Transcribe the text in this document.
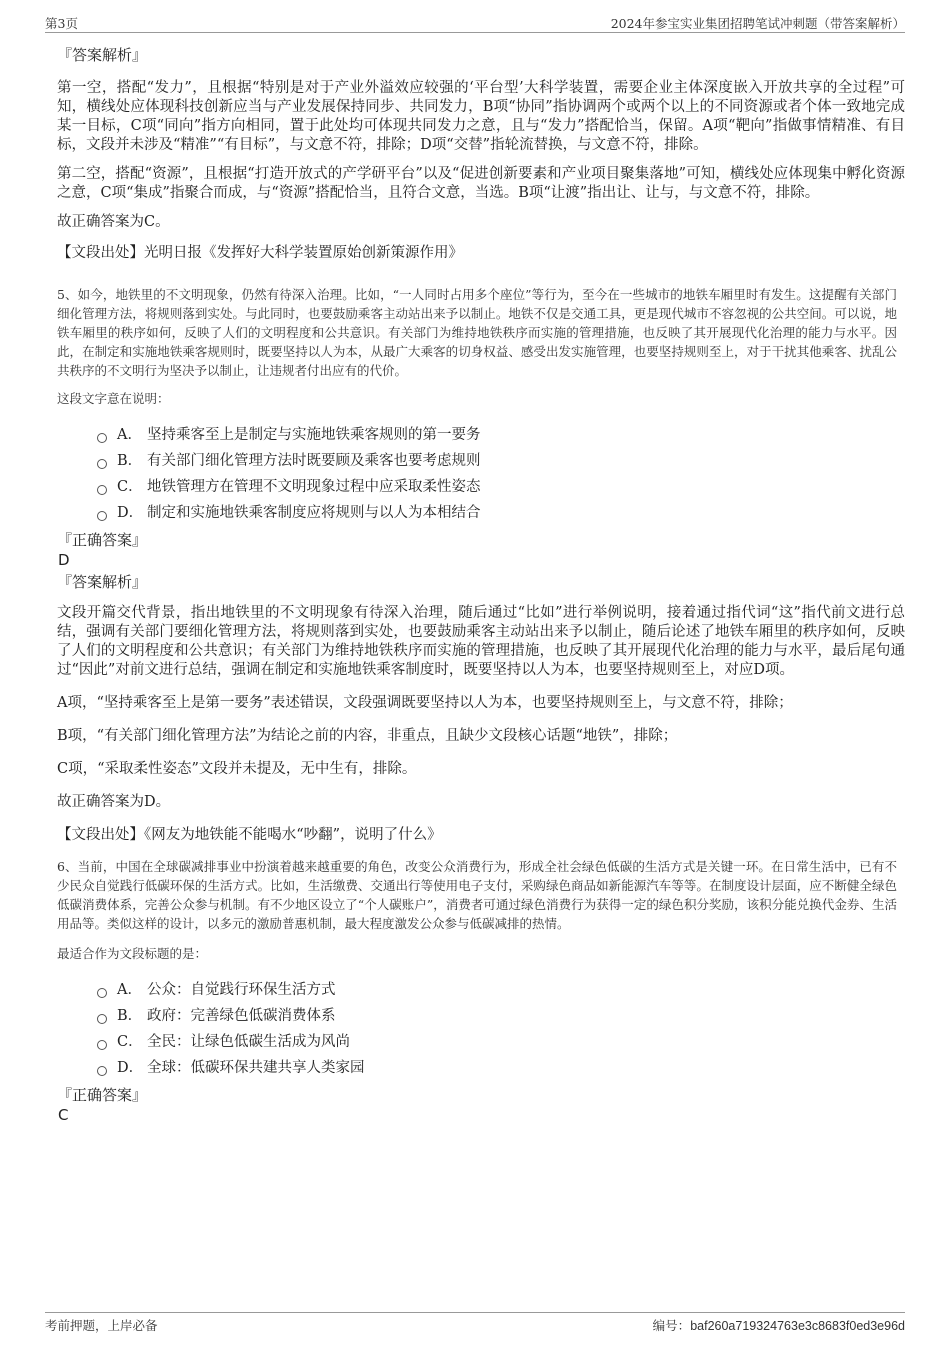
第3页	2024年参宝实业集团招聘笔试冲刺题（带答案解析）
『答案解析』

第一空，搭配“发力”，且根据“特别是对于产业外溢效应较强的‘平台型’大科学装置，需要企业主体深度嵌入开放共享的全过程”可知，横线处应体现科技创新应当与产业发展保持同步、共同发力，B项“协同”指协调两个或两个以上的不同资源或者个体一致地完成某一目标，C项“同向”指方向相同，置于此处均可体现共同发力之意，且与“发力”搭配恰当，保留。A项“靶向”指做事情精准、有目标，文段并未涉及“精准”“有目标”，与文意不符，排除；D项“交替”指轮流替换，与文意不符，排除。

第二空，搭配“资源”，且根据“打造开放式的产学研平台”以及“促进创新要素和产业项目聚集落地”可知，横线处应体现集中孵化资源之意，C项“集成”指聚合而成，与“资源”搭配恰当，且符合文意，当选。B项“让渡”指出让、让与，与文意不符，排除。

故正确答案为C。

【文段出处】光明日报《发挥好大科学装置原始创新策源作用》

5、如今，地铁里的不文明现象，仍然有待深入治理。比如，“一人同时占用多个座位”等行为，至今在一些城市的地铁车厢里时有发生。这提醒有关部门细化管理方法，将规则落到实处。与此同时，也要鼓励乘客主动站出来予以制止。地铁不仅是交通工具，更是现代城市不容忽视的公共空间。可以说，地铁车厢里的秩序如何，反映了人们的文明程度和公共意识。有关部门为维持地铁秩序而实施的管理措施，也反映了其开展现代化治理的能力与水平。因此，在制定和实施地铁乘客规则时，既要坚持以人为本，从最广大乘客的切身权益、感受出发实施管理，也要坚持规则至上，对于干扰其他乘客、扰乱公共秩序的不文明行为坚决予以制止，让违规者付出应有的代价。

这段文字意在说明：

A． 坚持乘客至上是制定与实施地铁乘客规则的第一要务
B． 有关部门细化管理方法时既要顾及乘客也要考虑规则
C． 地铁管理方在管理不文明现象过程中应采取柔性姿态
D． 制定和实施地铁乘客制度应将规则与以人为本相结合
『正确答案』
D
『答案解析』

文段开篇交代背景，指出地铁里的不文明现象有待深入治理，随后通过“比如”进行举例说明，接着通过指代词“这”指代前文进行总结，强调有关部门要细化管理方法，将规则落到实处，也要鼓励乘客主动站出来予以制止，随后论述了地铁车厢里的秩序如何，反映了人们的文明程度和公共意识；有关部门为维持地铁秩序而实施的管理措施，也反映了其开展现代化治理的能力与水平，最后尾句通过“因此”对前文进行总结，强调在制定和实施地铁乘客制度时，既要坚持以人为本，也要坚持规则至上，对应D项。

A项，“坚持乘客至上是第一要务”表述错误，文段强调既要坚持以人为本，也要坚持规则至上，与文意不符，排除；

B项，“有关部门细化管理方法”为结论之前的内容，非重点，且缺少文段核心话题“地铁”，排除；

C项，“采取柔性姿态”文段并未提及，无中生有，排除。

故正确答案为D。

【文段出处】《网友为地铁能不能喝水“吵翻”，说明了什么》

6、当前，中国在全球碳减排事业中扮演着越来越重要的角色，改变公众消费行为，形成全社会绿色低碳的生活方式是关键一环。在日常生活中，已有不少民众自觉践行低碳环保的生活方式。比如，生活缴费、交通出行等使用电子支付，采购绿色商品如新能源汽车等等。在制度设计层面，应不断健全绿色低碳消费体系，完善公众参与机制。有不少地区设立了“个人碳账户”，消费者可通过绿色消费行为获得一定的绿色积分奖励，该积分能兑换代金券、生活用品等。类似这样的设计，以多元的激励普惠机制，最大程度激发公众参与低碳减排的热情。

最适合作为文段标题的是：

A． 公众：自觉践行环保生活方式
B． 政府：完善绿色低碳消费体系
C． 全民：让绿色低碳生活成为风尚
D． 全球：低碳环保共建共享人类家园
『正确答案』
C
考前押题，上岸必备	编号：baf260a719324763e3c8683f0ed3e96d
